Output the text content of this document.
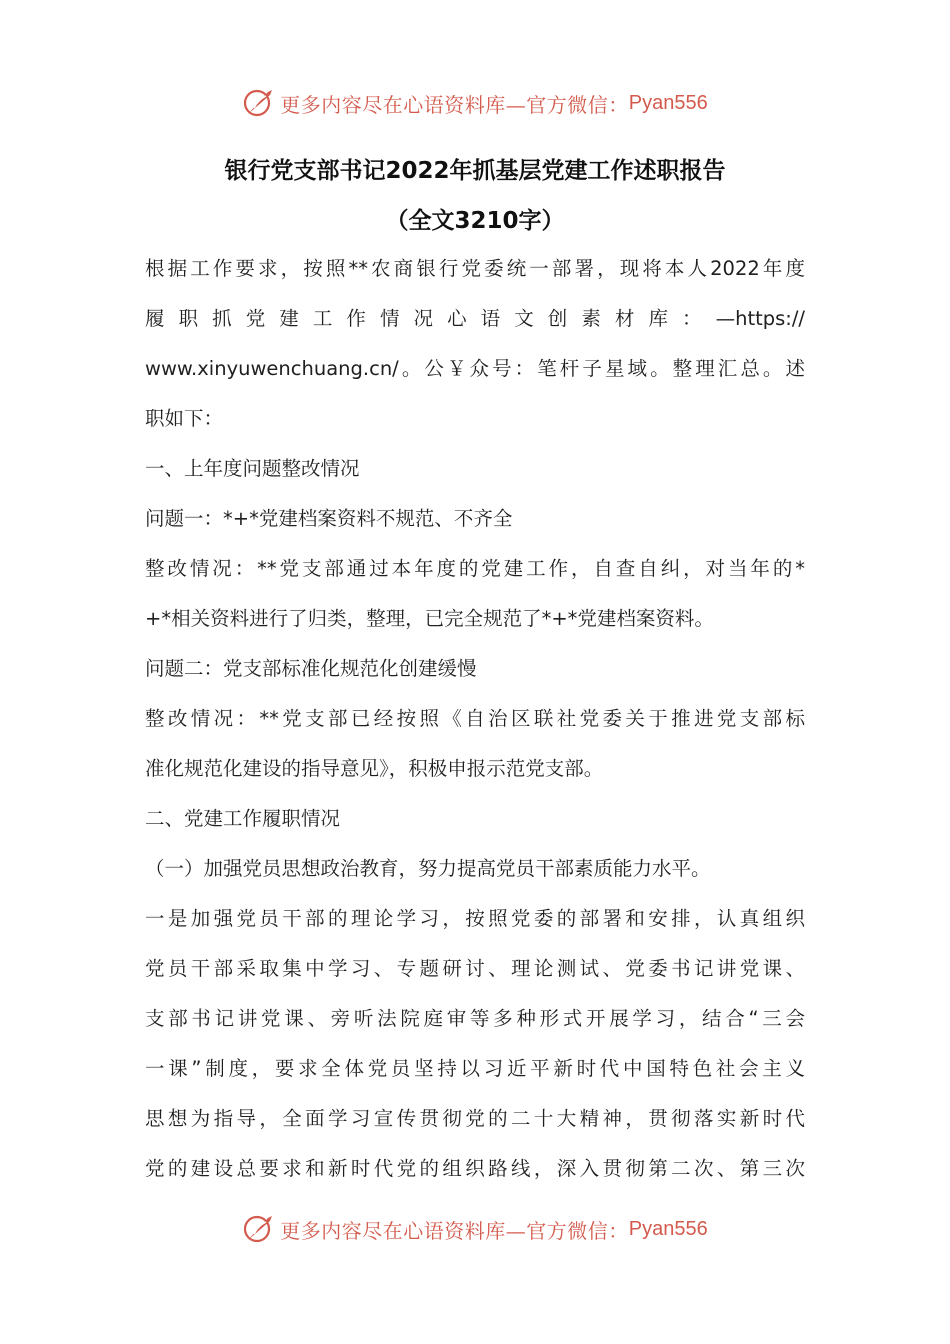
更多内容尽在心语资料库—官方微信： Pyan556
银行党支部书记2022年抓基层党建工作述职报告
（全文3210字）
根据工作要求，按照**农商银行党委统一部署，现将本人2022年度
履职抓党建工作情况心语文创素材库：—https://
www.xinyuwenchuang.cn/。公￥众号：笔杆子星域。整理汇总。述
职如下：
一、上年度问题整改情况
问题一：*+*党建档案资料不规范、不齐全
整改情况：**党支部通过本年度的党建工作，自查自纠，对当年的*
+*相关资料进行了归类，整理，已完全规范了*+*党建档案资料。
问题二：党支部标准化规范化创建缓慢
整改情况：**党支部已经按照《自治区联社党委关于推进党支部标
准化规范化建设的指导意见》，积极申报示范党支部。
二、党建工作履职情况
（一）加强党员思想政治教育，努力提高党员干部素质能力水平。
一是加强党员干部的理论学习，按照党委的部署和安排，认真组织
党员干部采取集中学习、专题研讨、理论测试、党委书记讲党课、
支部书记讲党课、旁听法院庭审等多种形式开展学习，结合“三会
一课”制度，要求全体党员坚持以习近平新时代中国特色社会主义
思想为指导，全面学习宣传贯彻党的二十大精神，贯彻落实新时代
党的建设总要求和新时代党的组织路线，深入贯彻第二次、第三次
更多内容尽在心语资料库—官方微信： Pyan556
